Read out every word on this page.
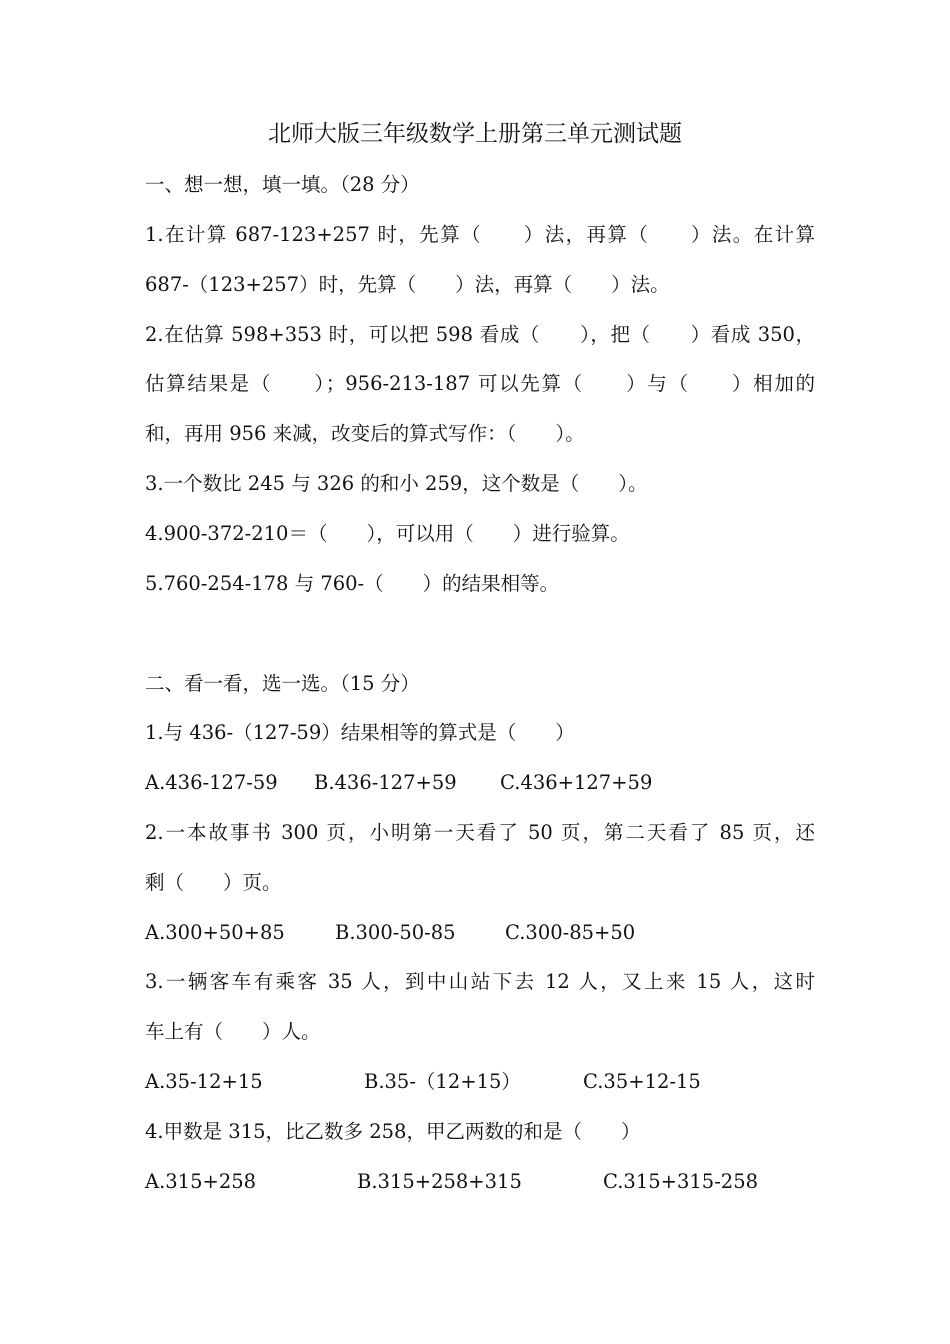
北师大版三年级数学上册第三单元测试题
一、想一想，填一填。（28 分）
1.在计算 687-123+257 时，先算（　　）法，再算（　　）法。在计算
687-（123+257）时，先算（　　）法，再算（　　）法。
2.在估算 598+353 时，可以把 598 看成（　　），把（　　）看成 350，
估算结果是（　　）；956-213-187 可以先算（　　）与（　　）相加的
和，再用 956 来减，改变后的算式写作：（　　）。
3.一个数比 245 与 326 的和小 259，这个数是（　　）。
4.900-372-210＝（　　），可以用（　　）进行验算。
5.760-254-178 与 760-（　　）的结果相等。
二、看一看，选一选。（15 分）
1.与 436-（127-59）结果相等的算式是（　　）
A.436-127-59 B.436-127+59 C.436+127+59
2.一本故事书 300 页，小明第一天看了 50 页，第二天看了 85 页，还
剩（　　）页。
A.300+50+85	B.300-50-85	C.300-85+50
3.一辆客车有乘客 35 人，到中山站下去 12 人，又上来 15 人，这时
车上有（　　）人。
A.35-12+15	B.35-（12+15）	C.35+12-15
4.甲数是 315，比乙数多 258，甲乙两数的和是（　　）
A.315+258	B.315+258+315	C.315+315-258
